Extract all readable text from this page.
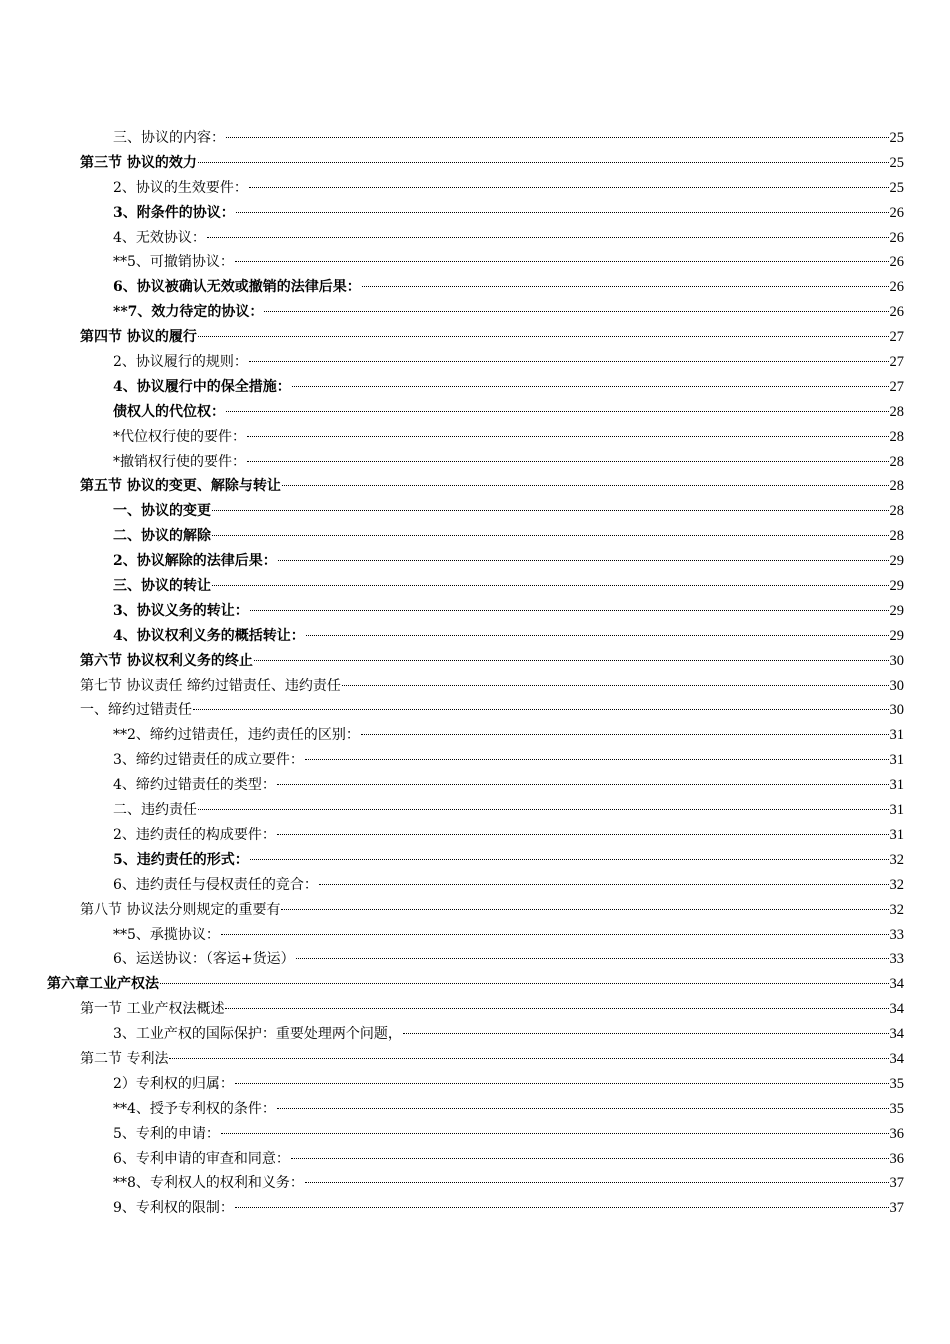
三、协议的内容：	25
第三节 协议的效力	25
2、协议的生效要件：	25
3、附条件的协议：	26
4、无效协议：	26
**5、可撤销协议：	26
6、协议被确认无效或撤销的法律后果：	26
**7、效力待定的协议：	26
第四节 协议的履行	27
2、协议履行的规则：	27
4、协议履行中的保全措施：	27
债权人的代位权：	28
*代位权行使的要件：	28
*撤销权行使的要件：	28
第五节 协议的变更、解除与转让	28
一、协议的变更	28
二、协议的解除	28
2、协议解除的法律后果：	29
三、协议的转让	29
3、协议义务的转让：	29
4、协议权利义务的概括转让：	29
第六节 协议权利义务的终止	30
第七节 协议责任 缔约过错责任、违约责任	30
一、缔约过错责任	30
**2、缔约过错责任，违约责任的区别：	31
3、缔约过错责任的成立要件：	31
4、缔约过错责任的类型：	31
二、违约责任	31
2、违约责任的构成要件：	31
5、违约责任的形式：	32
6、违约责任与侵权责任的竞合：	32
第八节 协议法分则规定的重要有	32
**5、承揽协议：	33
6、运送协议：（客运+货运）	33
第六章工业产权法	34
第一节 工业产权法概述	34
3、工业产权的国际保护：重要处理两个问题，	34
第二节 专利法	34
2）专利权的归属：	35
**4、授予专利权的条件：	35
5、专利的申请：	36
6、专利申请的审查和同意：	36
**8、专利权人的权利和义务：	37
9、专利权的限制：	37
